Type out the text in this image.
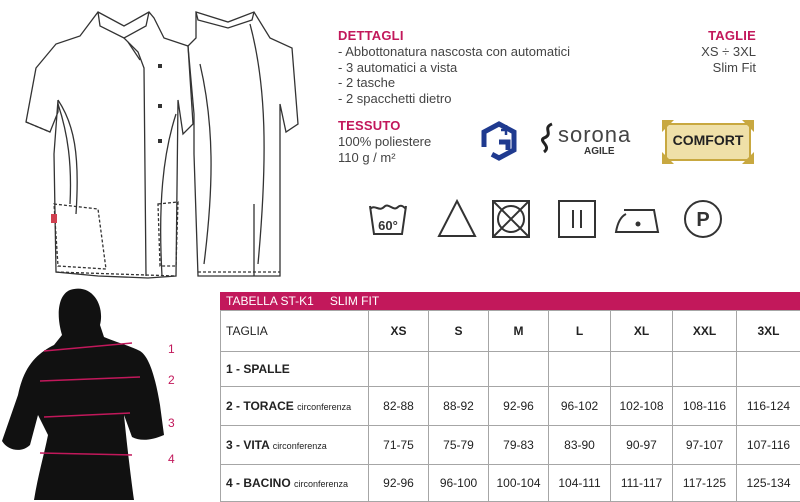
DETTAGLI
- Abbottonatura nascosta con automatici
- 3 automatici a vista
- 2 tasche
- 2 spacchetti dietro
TAGLIE
XS ÷ 3XL
Slim Fit
TESSUTO
100% poliestere
110 g / m²
sorona
AGILE
COMFORT
60°	P
1
2
3
4
TABELLA ST-K1 SLIM FIT
TAGLIA	XS	S	M	L	XL	XXL	3XL
1 - SPALLE							
2 - TORACE circonferenza	82-88	88-92	92-96	96-102	102-108	108-116	116-124
3 - VITA circonferenza	71-75	75-79	79-83	83-90	90-97	97-107	107-116
4 - BACINO circonferenza	92-96	96-100	100-104	104-111	111-117	117-125	125-134
